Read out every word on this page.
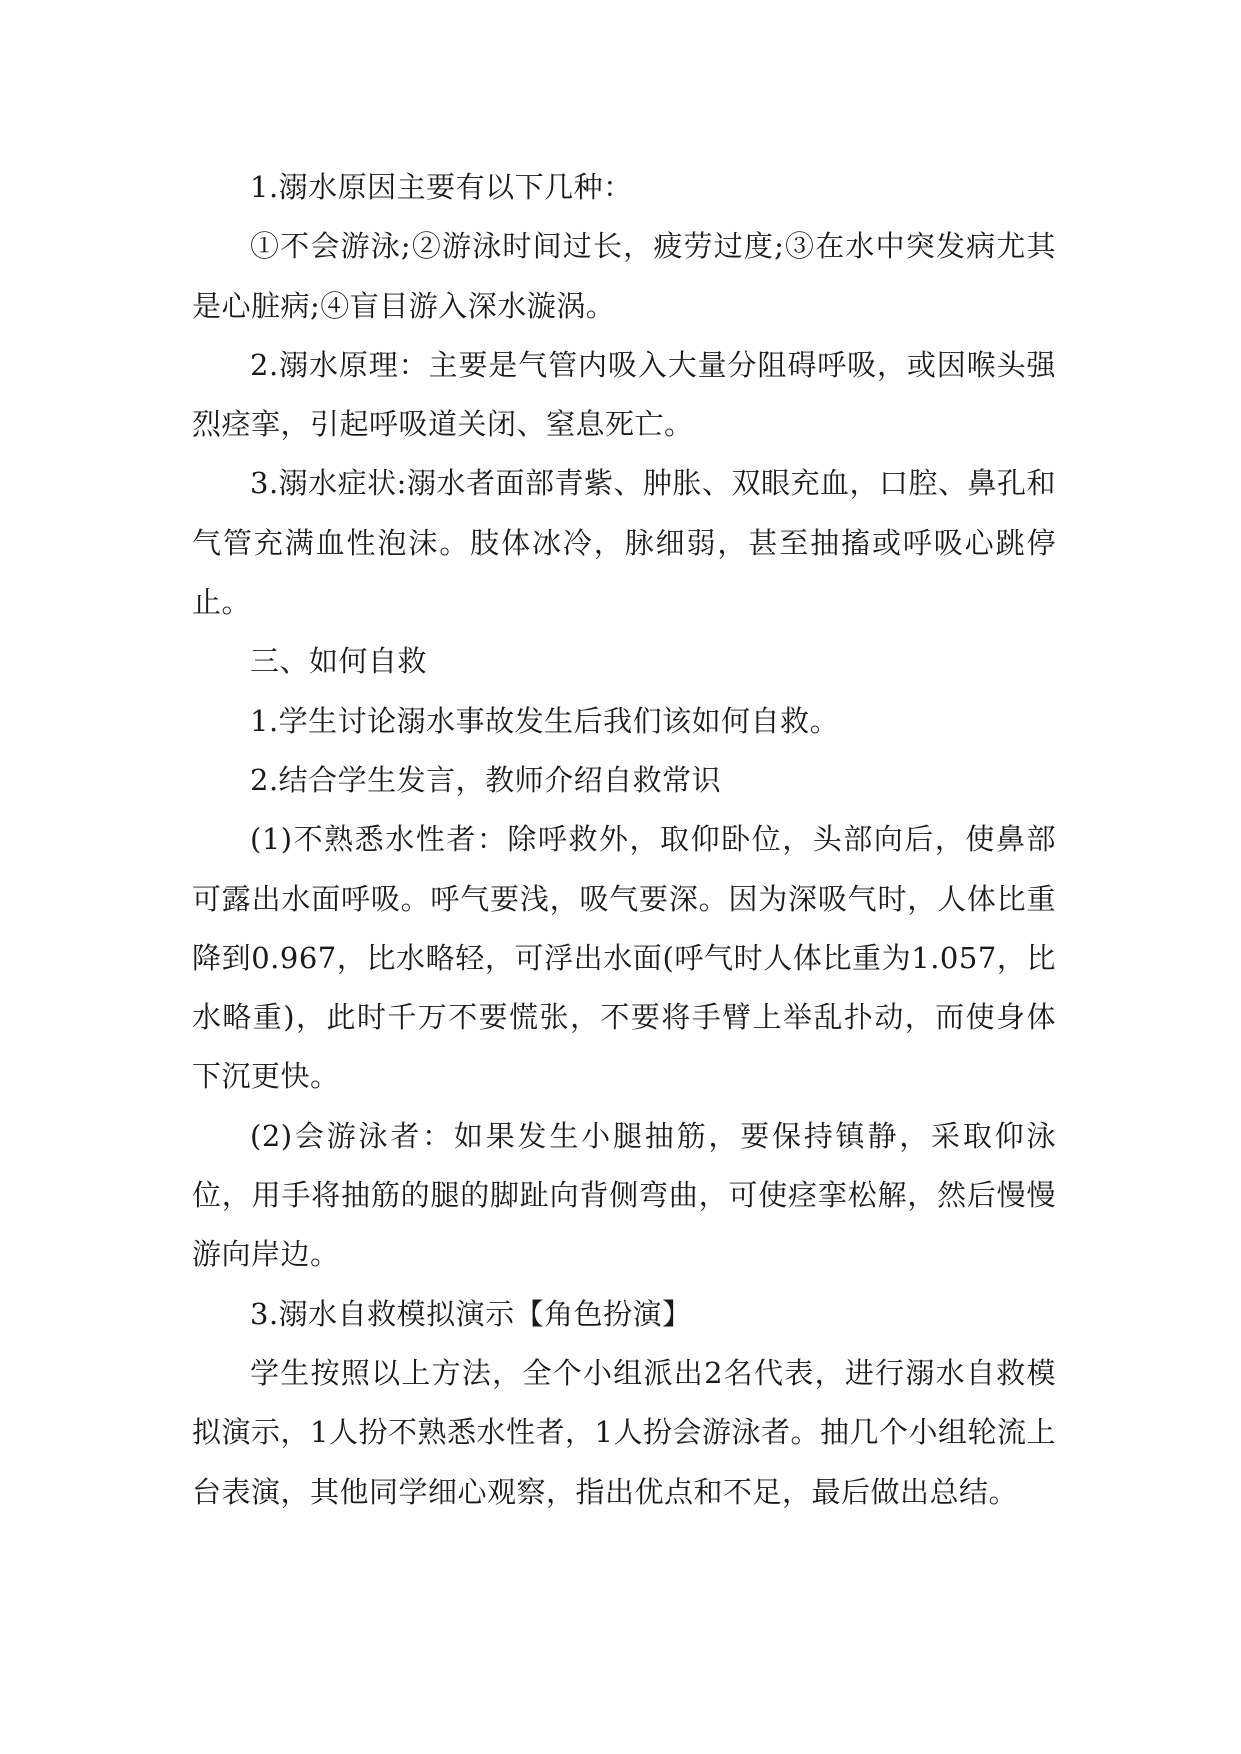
1.溺水原因主要有以下几种：

①不会游泳;②游泳时间过长，疲劳过度;③在水中突发病尤其是心脏病;④盲目游入深水漩涡。

2.溺水原理：主要是气管内吸入大量分阻碍呼吸，或因喉头强烈痉挛，引起呼吸道关闭、窒息死亡。

3.溺水症状:溺水者面部青紫、肿胀、双眼充血，口腔、鼻孔和气管充满血性泡沫。肢体冰冷，脉细弱，甚至抽搐或呼吸心跳停止。

三、如何自救

1.学生讨论溺水事故发生后我们该如何自救。

2.结合学生发言，教师介绍自救常识

(1)不熟悉水性者：除呼救外，取仰卧位，头部向后，使鼻部可露出水面呼吸。呼气要浅，吸气要深。因为深吸气时，人体比重降到0.967，比水略轻，可浮出水面(呼气时人体比重为1.057，比水略重)，此时千万不要慌张，不要将手臂上举乱扑动，而使身体下沉更快。

(2)会游泳者：如果发生小腿抽筋，要保持镇静，采取仰泳位，用手将抽筋的腿的脚趾向背侧弯曲，可使痉挛松解，然后慢慢游向岸边。

3.溺水自救模拟演示【角色扮演】

学生按照以上方法，全个小组派出2名代表，进行溺水自救模拟演示，1人扮不熟悉水性者，1人扮会游泳者。抽几个小组轮流上台表演，其他同学细心观察，指出优点和不足，最后做出总结。
